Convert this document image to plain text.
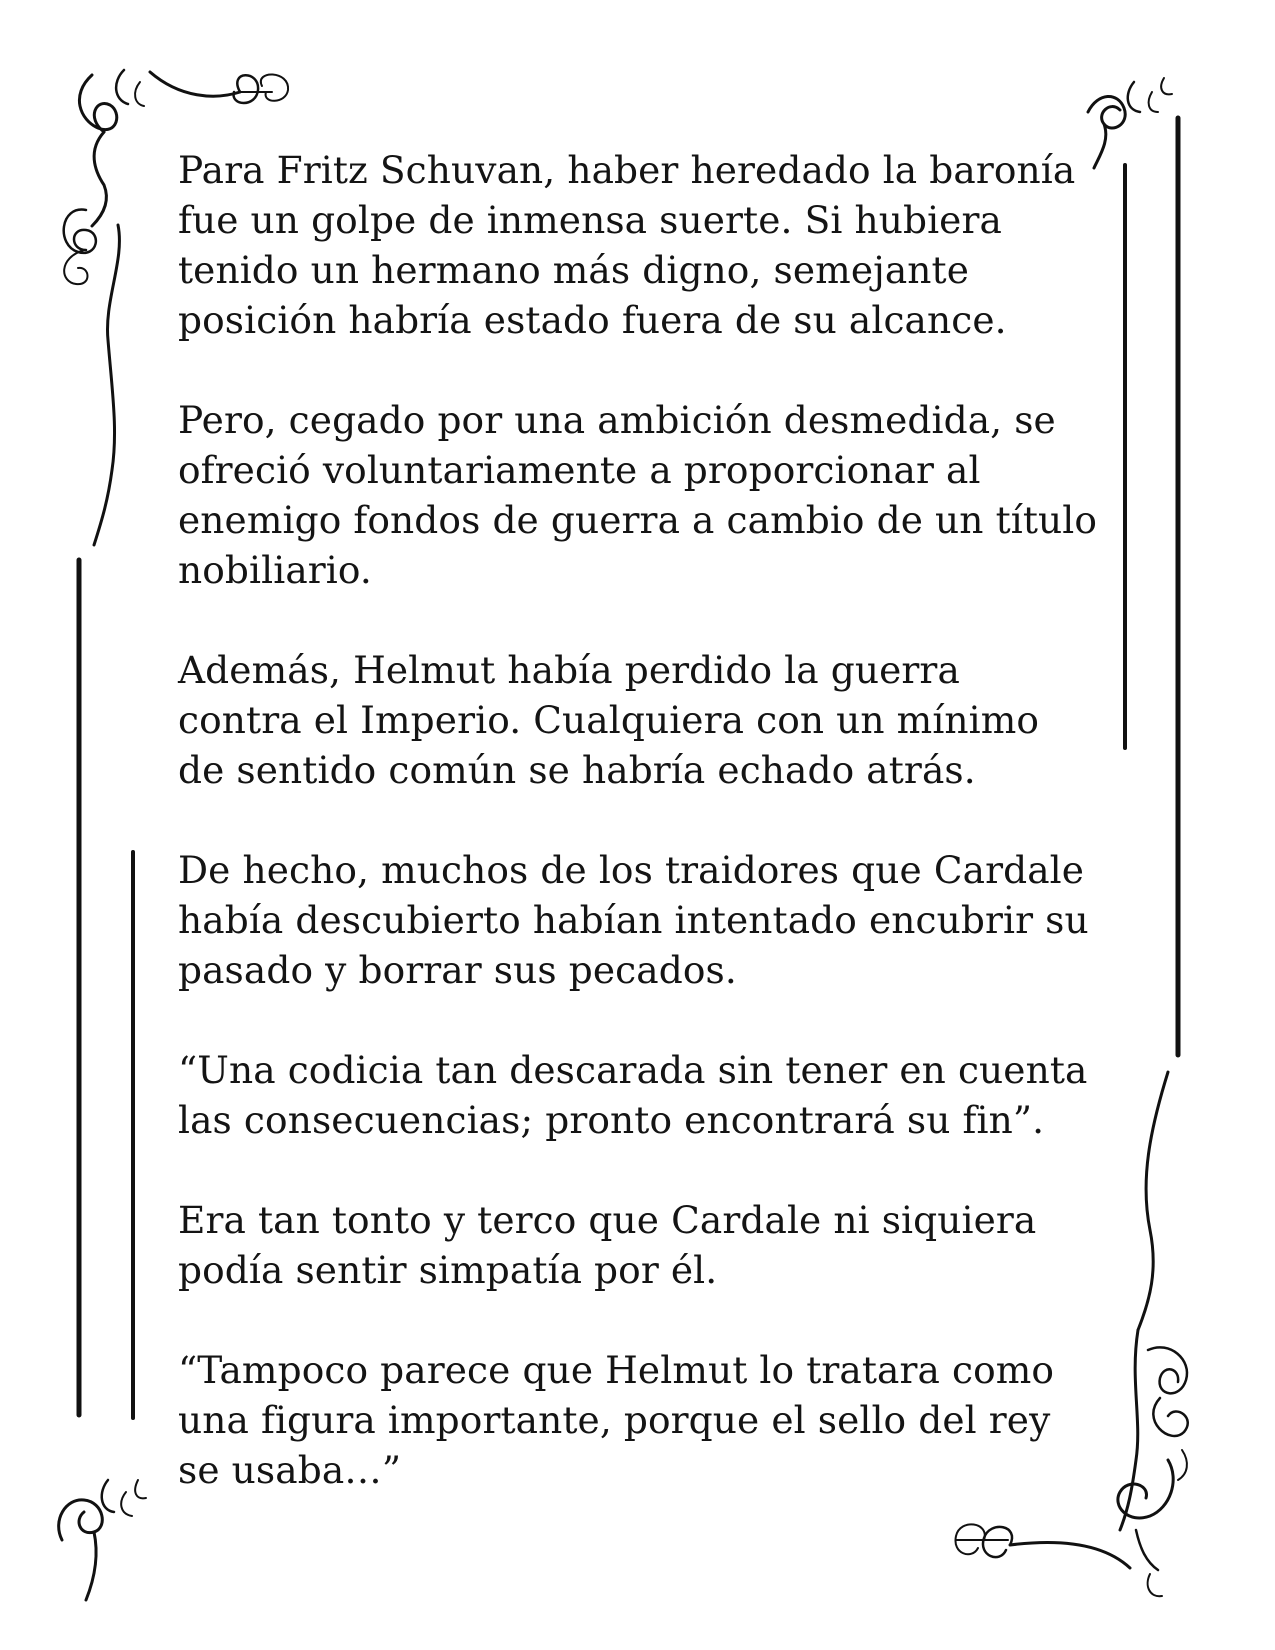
Para Fritz Schuvan, haber heredado la baronía
fue un golpe de inmensa suerte. Si hubiera
tenido un hermano más digno, semejante
posición habría estado fuera de su alcance.

Pero, cegado por una ambición desmedida, se
ofreció voluntariamente a proporcionar al
enemigo fondos de guerra a cambio de un título
nobiliario.

Además, Helmut había perdido la guerra
contra el Imperio. Cualquiera con un mínimo
de sentido común se habría echado atrás.

De hecho, muchos de los traidores que Cardale
había descubierto habían intentado encubrir su
pasado y borrar sus pecados.

“Una codicia tan descarada sin tener en cuenta
las consecuencias; pronto encontrará su fin”.

Era tan tonto y terco que Cardale ni siquiera
podía sentir simpatía por él.

“Tampoco parece que Helmut lo tratara como
una figura importante, porque el sello del rey
se usaba…”
